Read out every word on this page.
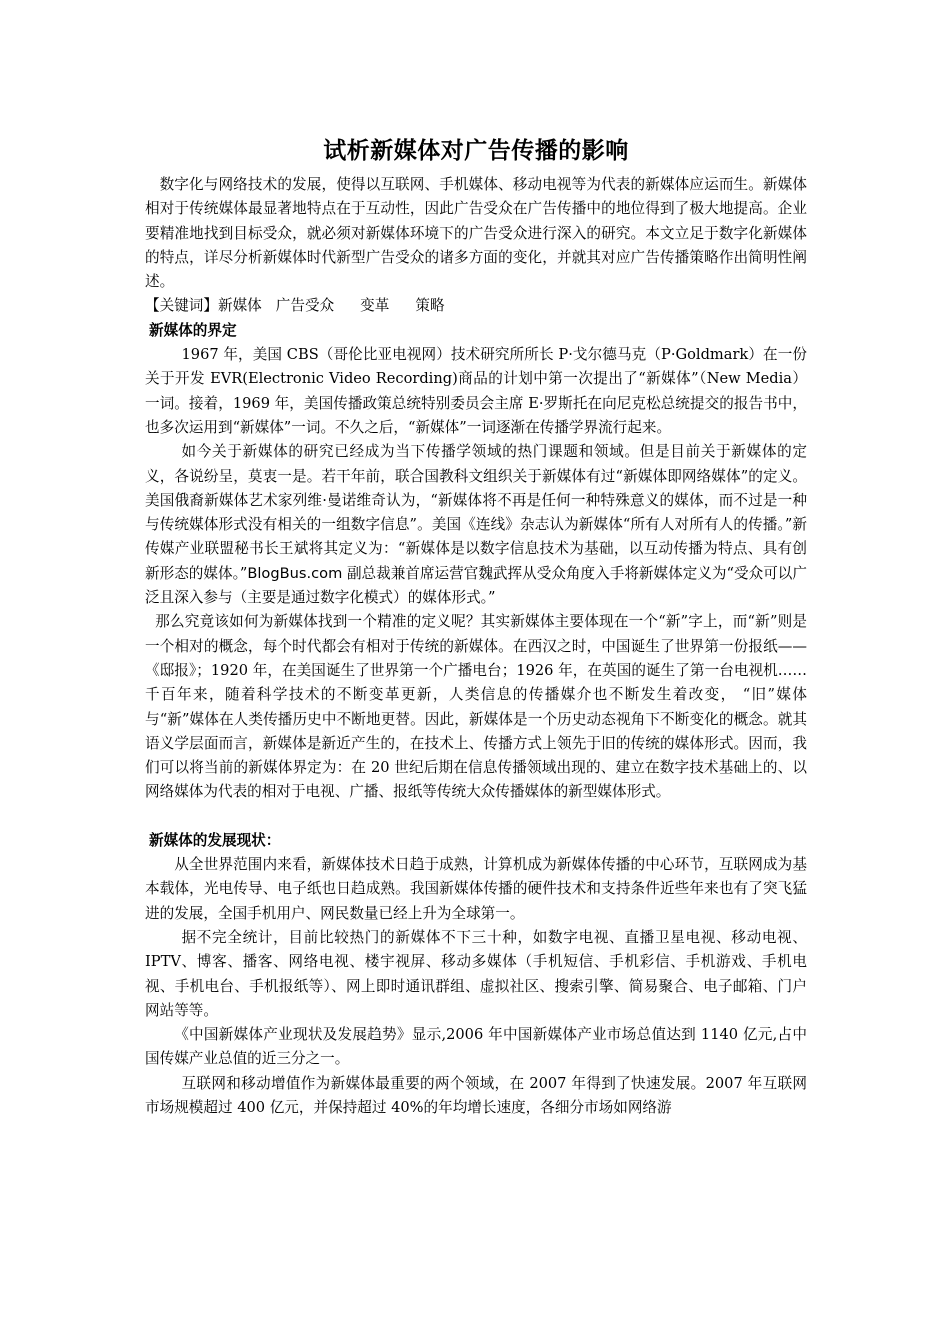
试析新媒体对广告传播的影响

数字化与网络技术的发展，使得以互联网、手机媒体、移动电视等为代表的新媒体应运而生。新媒体相对于传统媒体最显著地特点在于互动性，因此广告受众在广告传播中的地位得到了极大地提高。企业要精准地找到目标受众，就必须对新媒体环境下的广告受众进行深入的研究。本文立足于数字化新媒体的特点，详尽分析新媒体时代新型广告受众的诸多方面的变化，并就其对应广告传播策略作出简明性阐述。

【关键词】新媒体 广告受众 变革 策略

新媒体的界定

1967 年，美国 CBS（哥伦比亚电视网）技术研究所所长 P·戈尔德马克（P·Goldmark）在一份关于开发 EVR(Electronic Video Recording)商品的计划中第一次提出了“新媒体”（New Media）一词。接着，1969 年，美国传播政策总统特别委员会主席 E·罗斯托在向尼克松总统提交的报告书中，也多次运用到“新媒体”一词。不久之后，“新媒体”一词逐渐在传播学界流行起来。

如今关于新媒体的研究已经成为当下传播学领域的热门课题和领域。但是目前关于新媒体的定义，各说纷呈，莫衷一是。若干年前，联合国教科文组织关于新媒体有过“新媒体即网络媒体”的定义。美国俄裔新媒体艺术家列维·曼诺维奇认为，“新媒体将不再是任何一种特殊意义的媒体，而不过是一种与传统媒体形式没有相关的一组数字信息”。美国《连线》杂志认为新媒体“所有人对所有人的传播。”新传媒产业联盟秘书长王斌将其定义为：“新媒体是以数字信息技术为基础，以互动传播为特点、具有创新形态的媒体。”BlogBus.com 副总裁兼首席运营官魏武挥从受众角度入手将新媒体定义为“受众可以广泛且深入参与（主要是通过数字化模式）的媒体形式。”

那么究竟该如何为新媒体找到一个精准的定义呢？其实新媒体主要体现在一个“新”字上，而“新”则是一个相对的概念，每个时代都会有相对于传统的新媒体。在西汉之时，中国诞生了世界第一份报纸——《邸报》；1920 年，在美国诞生了世界第一个广播电台；1926 年，在英国的诞生了第一台电视机……千百年来，随着科学技术的不断变革更新，人类信息的传播媒介也不断发生着改变， “旧”媒体与“新”媒体在人类传播历史中不断地更替。因此，新媒体是一个历史动态视角下不断变化的概念。就其语义学层面而言，新媒体是新近产生的，在技术上、传播方式上领先于旧的传统的媒体形式。因而，我们可以将当前的新媒体界定为：在 20 世纪后期在信息传播领域出现的、建立在数字技术基础上的、以网络媒体为代表的相对于电视、广播、报纸等传统大众传播媒体的新型媒体形式。

新媒体的发展现状：

从全世界范围内来看，新媒体技术日趋于成熟，计算机成为新媒体传播的中心环节，互联网成为基本载体，光电传导、电子纸也日趋成熟。我国新媒体传播的硬件技术和支持条件近些年来也有了突飞猛进的发展，全国手机用户、网民数量已经上升为全球第一。

据不完全统计，目前比较热门的新媒体不下三十种，如数字电视、直播卫星电视、移动电视、IPTV、博客、播客、网络电视、楼宇视屏、移动多媒体（手机短信、手机彩信、手机游戏、手机电视、手机电台、手机报纸等）、网上即时通讯群组、虚拟社区、搜索引擎、简易聚合、电子邮箱、门户网站等等。

《中国新媒体产业现状及发展趋势》显示,2006 年中国新媒体产业市场总值达到 1140 亿元,占中国传媒产业总值的近三分之一。

互联网和移动增值作为新媒体最重要的两个领域，在 2007 年得到了快速发展。2007 年互联网市场规模超过 400 亿元，并保持超过 40%的年均增长速度，各细分市场如网络游
